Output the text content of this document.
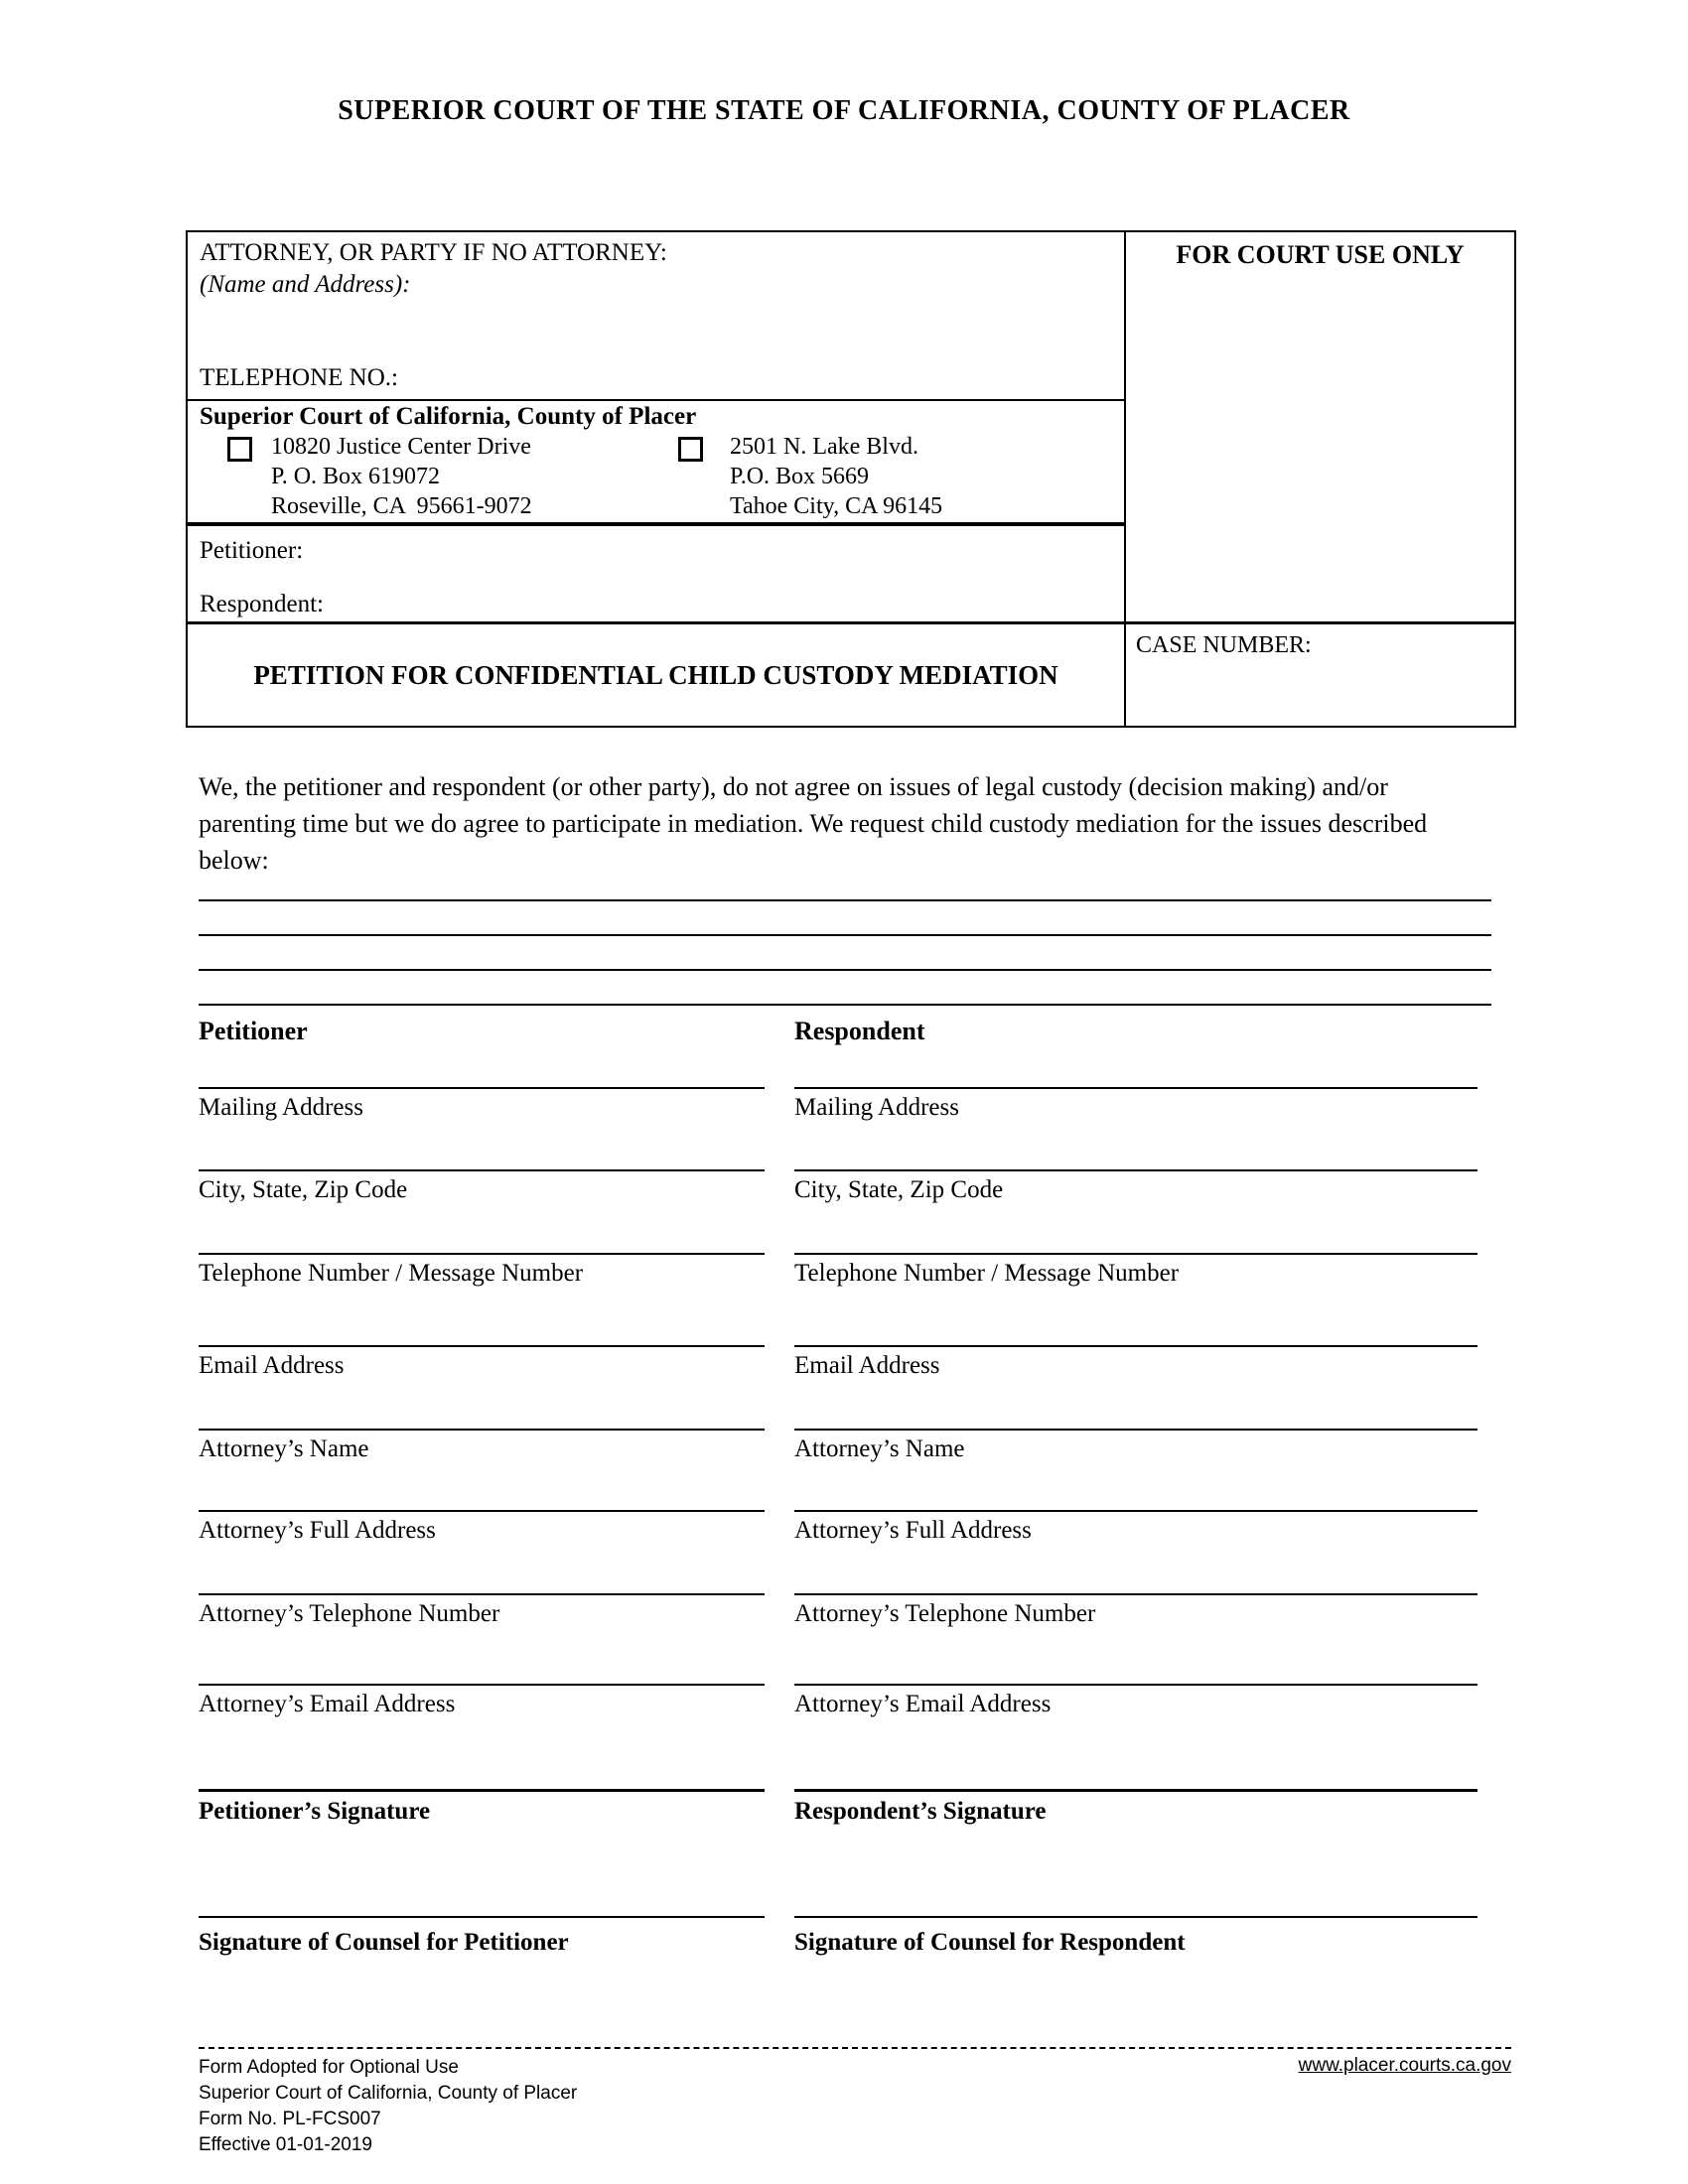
SUPERIOR COURT OF THE STATE OF CALIFORNIA, COUNTY OF PLACER
ATTORNEY, OR PARTY IF NO ATTORNEY:
(Name and Address):
TELEPHONE NO.:
Superior Court of California, County of Placer
10820 Justice Center Drive
P. O. Box 619072
Roseville, CA  95661-9072
2501 N. Lake Blvd.
P.O. Box 5669
Tahoe City, CA 96145
Petitioner:
Respondent:
PETITION FOR CONFIDENTIAL CHILD CUSTODY MEDIATION
FOR COURT USE ONLY
CASE NUMBER:
We, the petitioner and respondent (or other party), do not agree on issues of legal custody (decision making) and/or parenting time but we do agree to participate in mediation. We request child custody mediation for the issues described below:
Petitioner	Respondent
Mailing Address	Mailing Address
City, State, Zip Code	City, State, Zip Code
Telephone Number / Message Number	Telephone Number / Message Number
Email Address	Email Address
Attorney’s Name	Attorney’s Name
Attorney’s Full Address	Attorney’s Full Address
Attorney’s Telephone Number	Attorney’s Telephone Number
Attorney’s Email Address	Attorney’s Email Address
Petitioner’s Signature	Respondent’s Signature
Signature of Counsel for Petitioner	Signature of Counsel for Respondent
Form Adopted for Optional Use
Superior Court of California, County of Placer
Form No. PL-FCS007
Effective 01-01-2019
www.placer.courts.ca.gov
